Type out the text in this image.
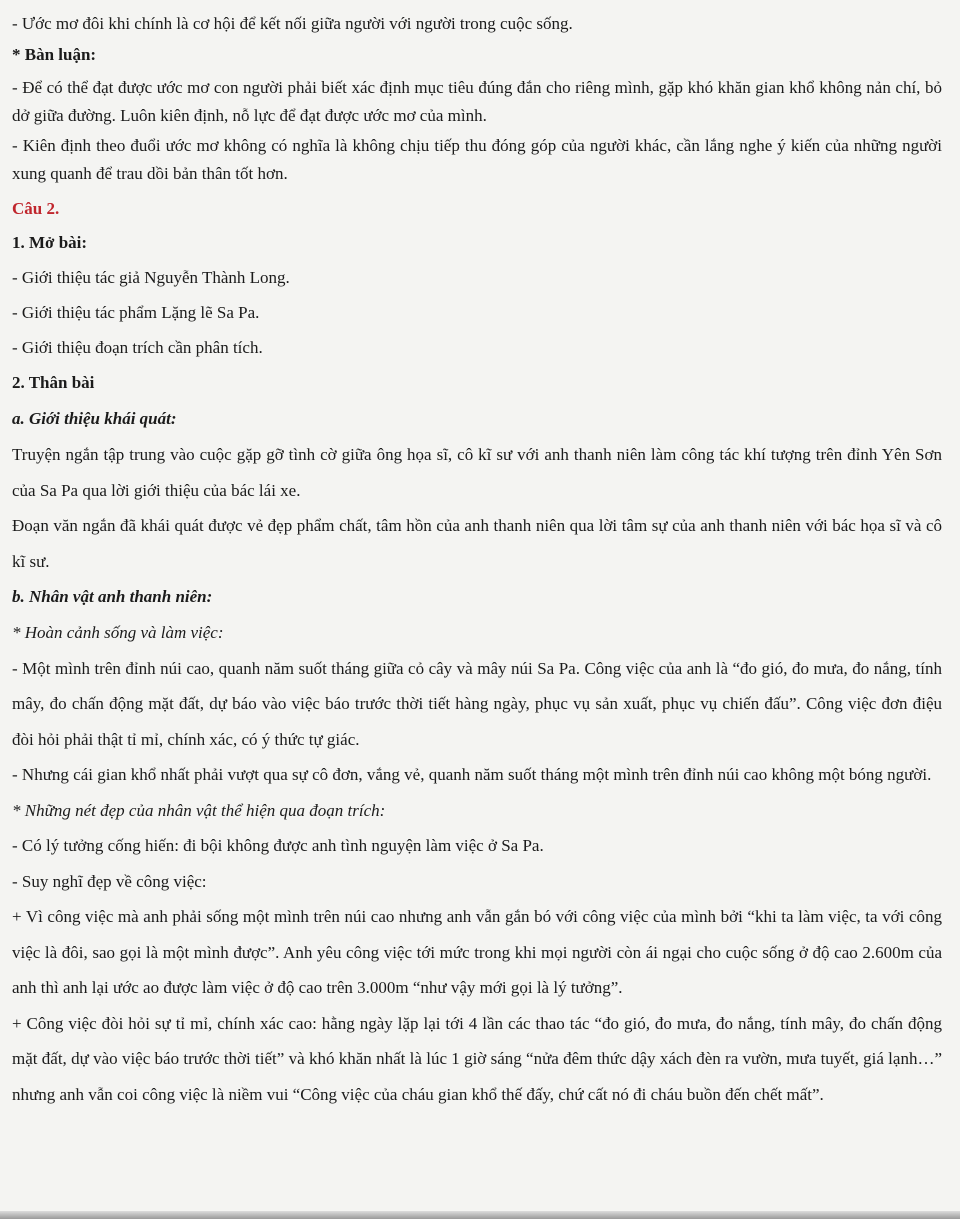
- Ước mơ đôi khi chính là cơ hội để kết nối giữa người với người trong cuộc sống.

* Bàn luận:

- Để có thể đạt được ước mơ con người phải biết xác định mục tiêu đúng đắn cho riêng mình, gặp khó khăn gian khổ không nản chí, bỏ dở giữa đường. Luôn kiên định, nỗ lực để đạt được ước mơ của mình.

- Kiên định theo đuổi ước mơ không có nghĩa là không chịu tiếp thu đóng góp của người khác, cần lắng nghe ý kiến của những người xung quanh để trau dồi bản thân tốt hơn.

Câu 2.

1. Mở bài:

- Giới thiệu tác giả Nguyễn Thành Long.

- Giới thiệu tác phẩm Lặng lẽ Sa Pa.

- Giới thiệu đoạn trích cần phân tích.

2. Thân bài

a. Giới thiệu khái quát:

Truyện ngắn tập trung vào cuộc gặp gỡ tình cờ giữa ông họa sĩ, cô kĩ sư với anh thanh niên làm công tác khí tượng trên đỉnh Yên Sơn của Sa Pa qua lời giới thiệu của bác lái xe.

Đoạn văn ngắn đã khái quát được vẻ đẹp phẩm chất, tâm hồn của anh thanh niên qua lời tâm sự của anh thanh niên với bác họa sĩ và cô kĩ sư.

b. Nhân vật anh thanh niên:

* Hoàn cảnh sống và làm việc:

- Một mình trên đỉnh núi cao, quanh năm suốt tháng giữa cỏ cây và mây núi Sa Pa. Công việc của anh là “đo gió, đo mưa, đo nắng, tính mây, đo chấn động mặt đất, dự báo vào việc báo trước thời tiết hàng ngày, phục vụ sản xuất, phục vụ chiến đấu”. Công việc đơn điệu đòi hỏi phải thật tỉ mỉ, chính xác, có ý thức tự giác.

- Nhưng cái gian khổ nhất phải vượt qua sự cô đơn, vắng vẻ, quanh năm suốt tháng một mình trên đỉnh núi cao không một bóng người.

* Những nét đẹp của nhân vật thể hiện qua đoạn trích:

- Có lý tưởng cống hiến: đi bội không được anh tình nguyện làm việc ở Sa Pa.

- Suy nghĩ đẹp về công việc:

+ Vì công việc mà anh phải sống một mình trên núi cao nhưng anh vẫn gắn bó với công việc của mình bởi “khi ta làm việc, ta với công việc là đôi, sao gọi là một mình được”. Anh yêu công việc tới mức trong khi mọi người còn ái ngại cho cuộc sống ở độ cao 2.600m của anh thì anh lại ước ao được làm việc ở độ cao trên 3.000m “như vậy mới gọi là lý tưởng”.

+ Công việc đòi hỏi sự tỉ mỉ, chính xác cao: hằng ngày lặp lại tới 4 lần các thao tác “đo gió, đo mưa, đo nắng, tính mây, đo chấn động mặt đất, dự vào việc báo trước thời tiết” và khó khăn nhất là lúc 1 giờ sáng “nửa đêm thức dậy xách đèn ra vườn, mưa tuyết, giá lạnh…” nhưng anh vẫn coi công việc là niềm vui “Công việc của cháu gian khổ thế đấy, chứ cất nó đi cháu buồn đến chết mất”.
